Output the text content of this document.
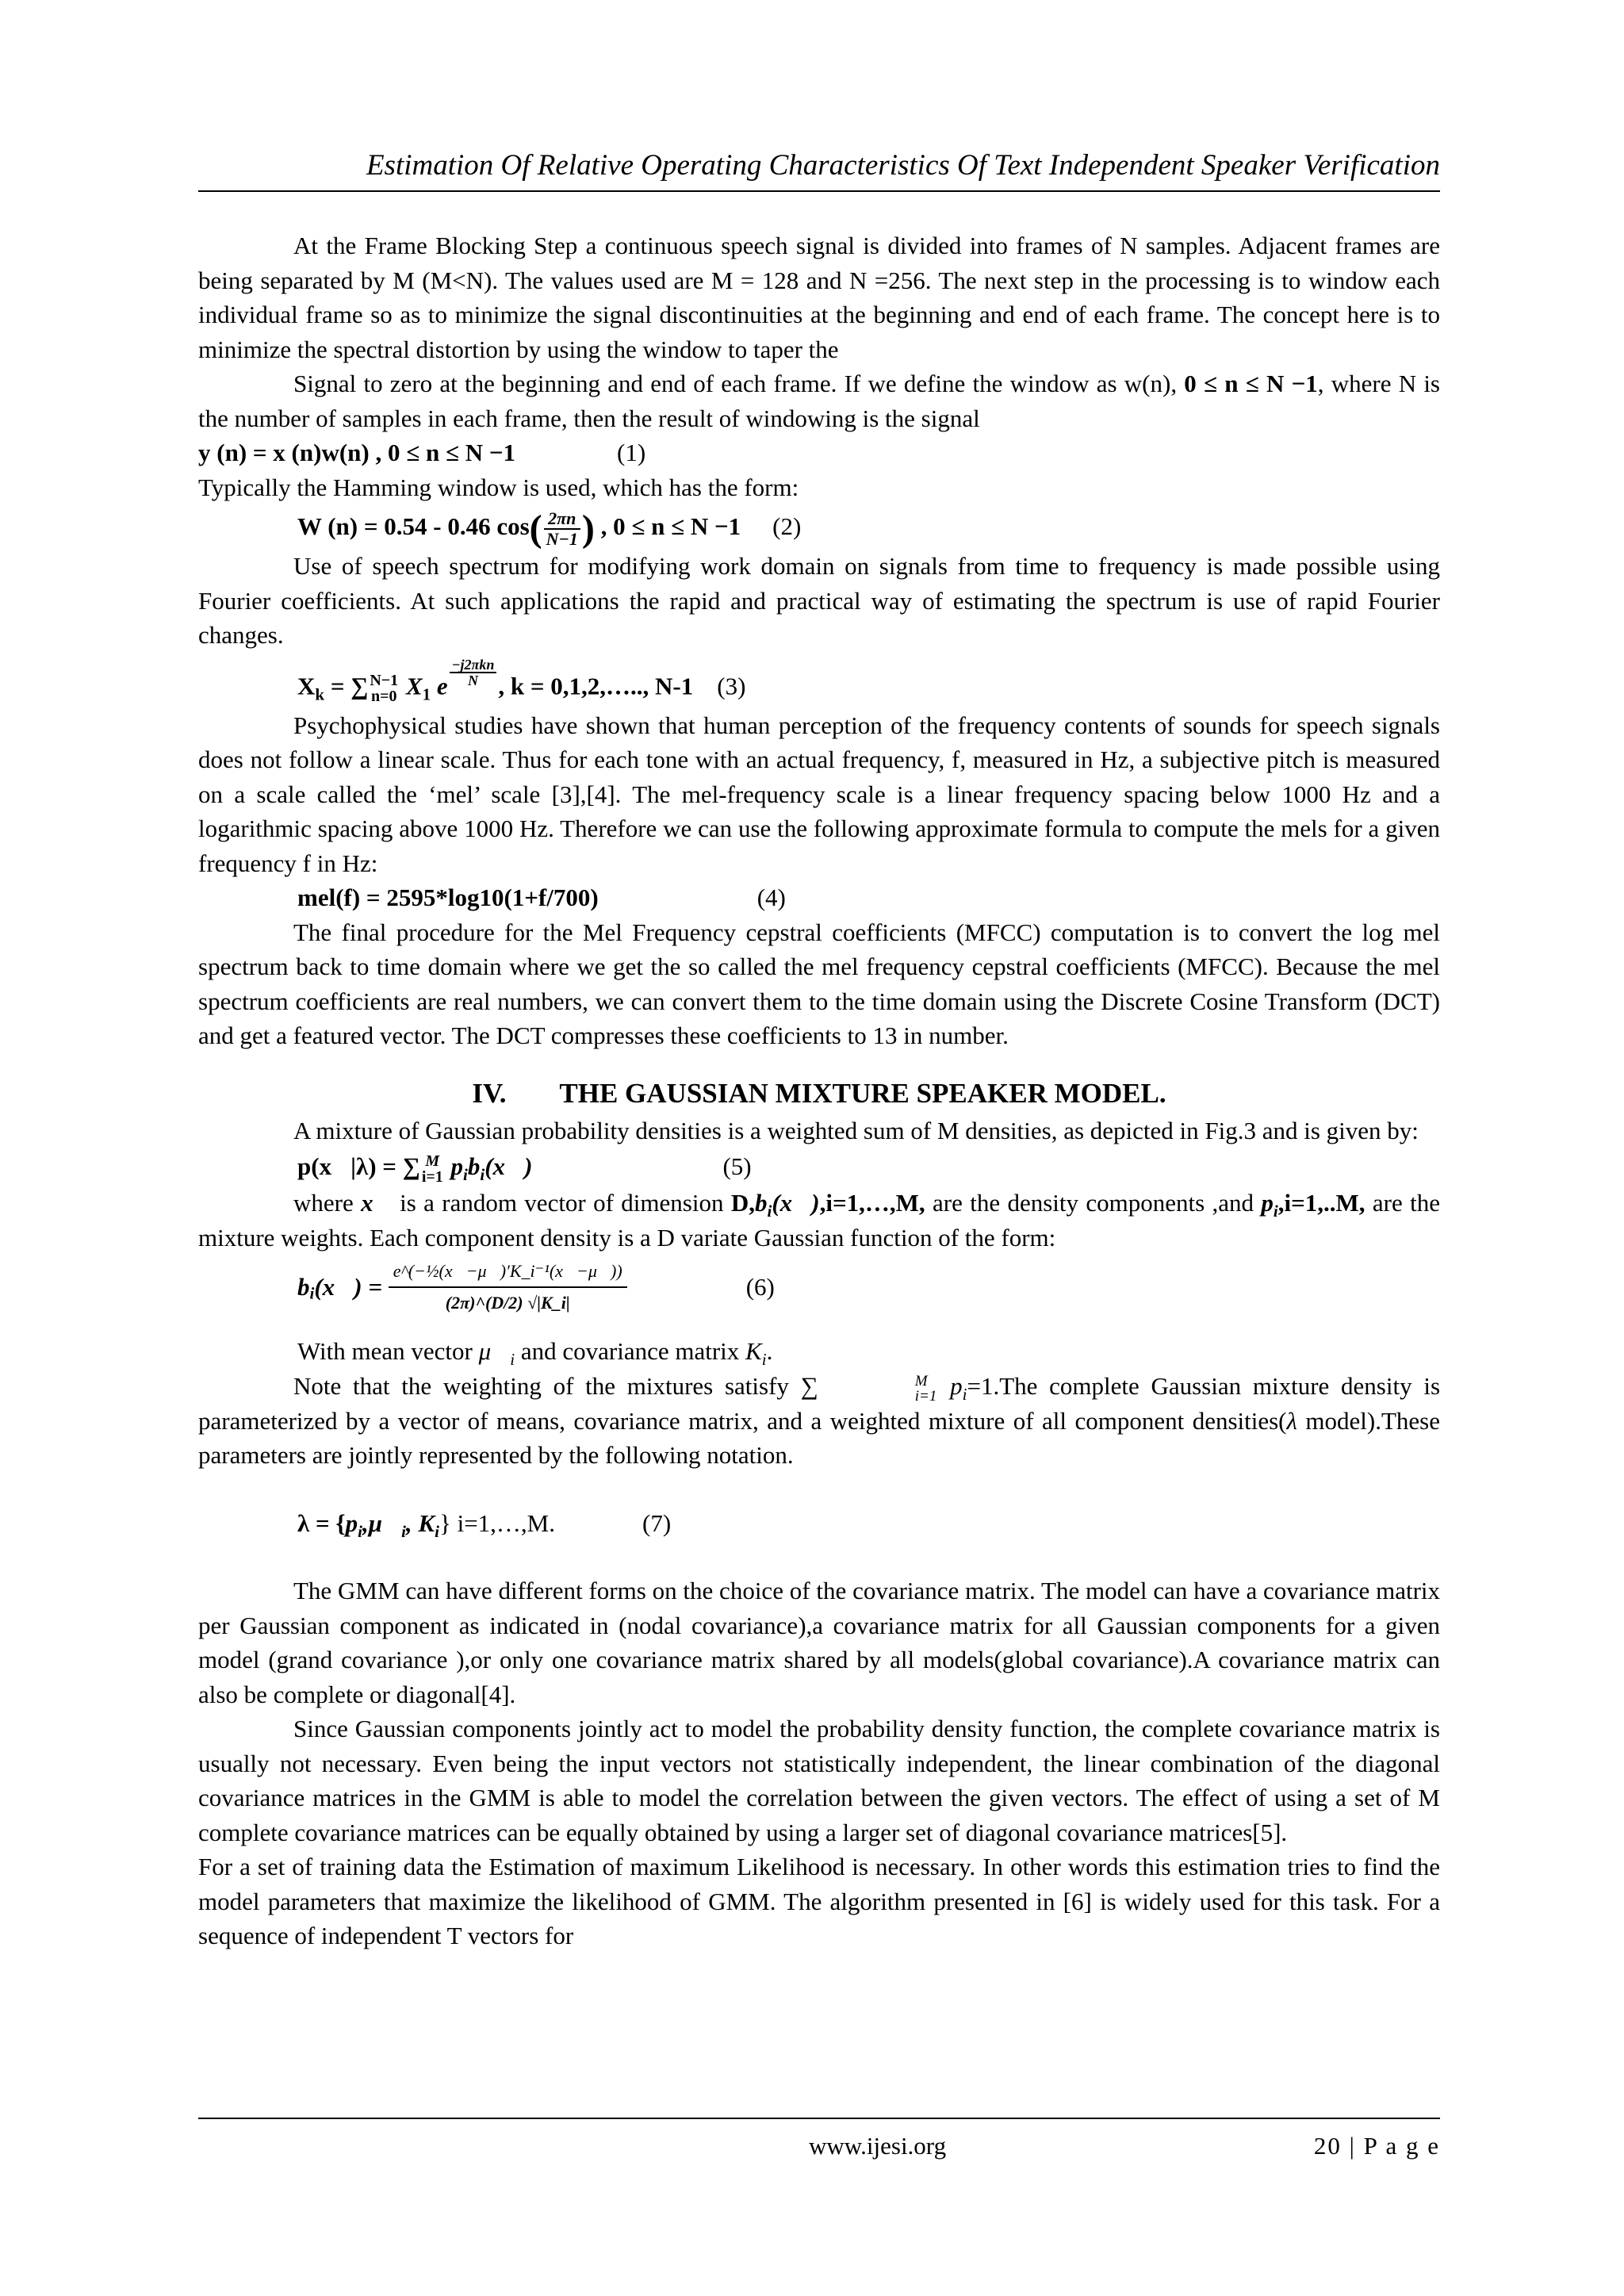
Estimation Of Relative Operating Characteristics Of Text Independent Speaker Verification

At the Frame Blocking Step a continuous speech signal is divided into frames of N samples. Adjacent frames are being separated by M (M<N). The values used are M = 128 and N =256. The next step in the processing is to window each individual frame so as to minimize the signal discontinuities at the beginning and end of each frame. The concept here is to minimize the spectral distortion by using the window to taper the

Signal to zero at the beginning and end of each frame. If we define the window as w(n), 0 ≤ n ≤ N −1, where N is the number of samples in each frame, then the result of windowing is the signal

y (n) = x (n)w(n) , 0 ≤ n ≤ N −1	(1)

Typically the Hamming window is used, which has the form:

W (n) = 0.54 - 0.46 $\cos( \frac{2\pi n}{N-1}$ ) , 0 ≤ n ≤ N −1 (2)

Use of speech spectrum for modifying work domain on signals from time to frequency is made possible using Fourier coefficients. At such applications the rapid and practical way of estimating the spectrum is use of rapid Fourier changes.

$X_k$ = ∑ N−1
n=0 $X_1$ e $\frac{\text{−j2πkn}}{N}$ , k = 0,1,2,….., N-1 (3)

Psychophysical studies have shown that human perception of the frequency contents of sounds for speech signals does not follow a linear scale. Thus for each tone with an actual frequency, f, measured in Hz, a subjective pitch is measured on a scale called the ‘mel’ scale [3],[4]. The mel-frequency scale is a linear frequency spacing below 1000 Hz and a logarithmic spacing above 1000 Hz. Therefore we can use the following approximate formula to compute the mels for a given frequency f in Hz:

mel(f) = 2595*log10(1+f/700)	(4)

The final procedure for the Mel Frequency cepstral coefficients (MFCC) computation is to convert the log mel spectrum back to time domain where we get the so called the mel frequency cepstral coefficients (MFCC). Because the mel spectrum coefficients are real numbers, we can convert them to the time domain using the Discrete Cosine Transform (DCT) and get a featured vector. The DCT compresses these coefficients to 13 in number.

IV. THE GAUSSIAN MIXTURE SPEAKER MODEL.

A mixture of Gaussian probability densities is a weighted sum of M densities, as depicted in Fig.3 and is given by:

p(x⃗|λ) = ∑ M
i=1 $p_ib_i(x⃗)$	(5)

where x⃗ is a random vector of dimension $D,b_i(x⃗),i=1,\dots,M$, are the density components ,and $p_i,i=1,..M$, are the mixture weights. Each component density is a D variate Gaussian function of the form:

$b_i(x⃗) = \frac{\text{e\textasciicircum{}(−½(x⃗−μ⃗)′K\_i⁻¹(x⃗−μ⃗))}}{(2\pi)\^{}(D/2) √|K\_i|}$	(6)

With mean vector $\mu⃗_i$ and covariance matrix $K_i$.

Note that the weighting of the mixtures satisfy ∑	M
i=1 $p_i=1.The$ complete Gaussian mixture density is parameterized by a vector of means, covariance matrix, and a weighted mixture of all component densities(λ model).These parameters are jointly represented by the following notation.

$\lambda = \{p_i,\mu⃗_i$, $K_i$} i=1,…,M.	(7)

The GMM can have different forms on the choice of the covariance matrix. The model can have a covariance matrix per Gaussian component as indicated in (nodal covariance),a covariance matrix for all Gaussian components for a given model (grand covariance ),or only one covariance matrix shared by all models(global covariance).A covariance matrix can also be complete or diagonal[4].

Since Gaussian components jointly act to model the probability density function, the complete covariance matrix is usually not necessary. Even being the input vectors not statistically independent, the linear combination of the diagonal covariance matrices in the GMM is able to model the correlation between the given vectors. The effect of using a set of M complete covariance matrices can be equally obtained by using a larger set of diagonal covariance matrices[5].

For a set of training data the Estimation of maximum Likelihood is necessary. In other words this estimation tries to find the model parameters that maximize the likelihood of GMM. The algorithm presented in [6] is widely used for this task. For a sequence of independent T vectors for

www.ijesi.org	20 | P a g e
